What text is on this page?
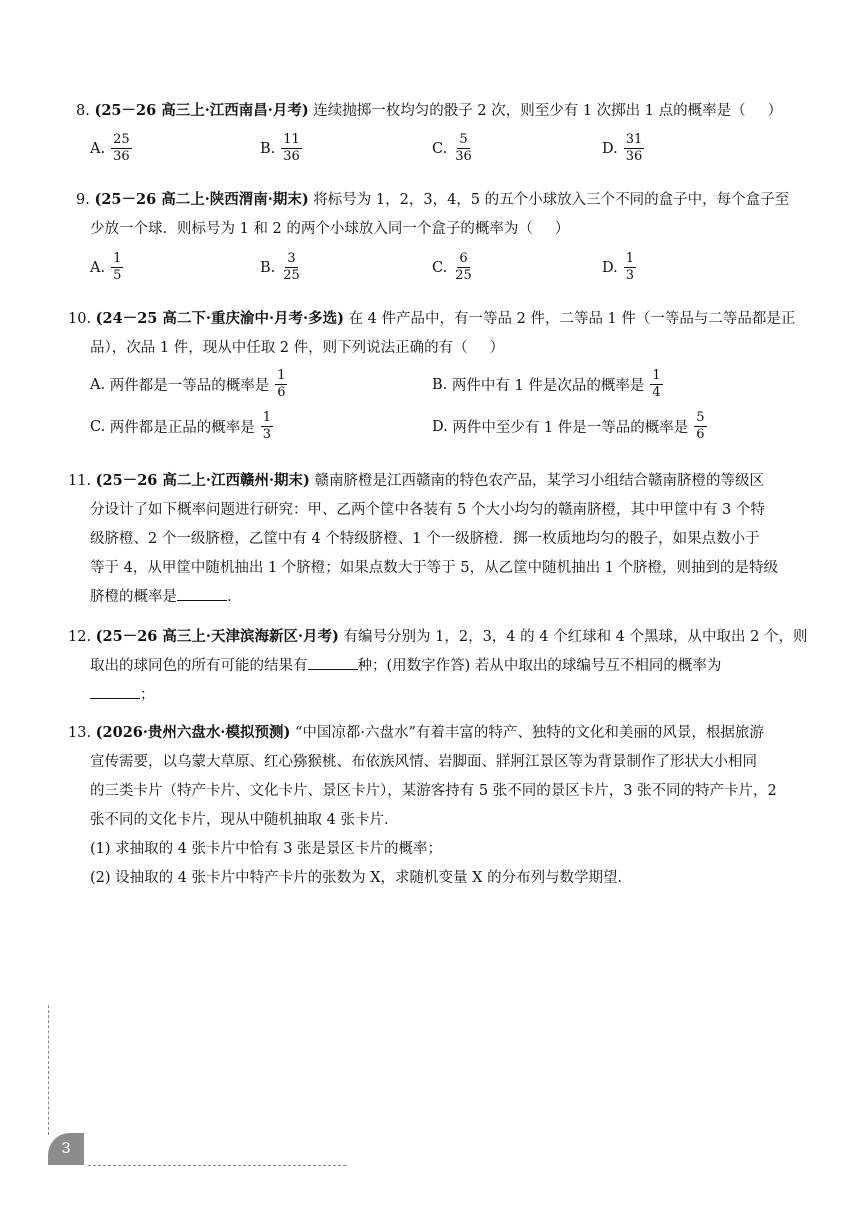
8. (25－26 高三上·江西南昌·月考) 连续抛掷一枚均匀的骰子 2 次，则至少有 1 次掷出 1 点的概率是（ ）
A. $\frac{25}{36}$	B. $\frac{11}{36}$	C. $\frac{5}{36}$	D. $\frac{31}{36}$
9. (25－26 高二上·陕西渭南·期末) 将标号为 1，2，3，4，5 的五个小球放入三个不同的盒子中，每个盒子至
少放一个球．则标号为 1 和 2 的两个小球放入同一个盒子的概率为（ ）
A. $\frac{1}{5}$	B. $\frac{3}{25}$	C. $\frac{6}{25}$	D. $\frac{1}{3}$
10. (24－25 高二下·重庆渝中·月考·多选) 在 4 件产品中，有一等品 2 件，二等品 1 件（一等品与二等品都是正
品），次品 1 件，现从中任取 2 件，则下列说法正确的有（ ）
A.
两件都是一等品的概率是 $\frac{1}{6}$	B.
两件中有 1 件是次品的概率是 $\frac{1}{4}$
C.
两件都是正品的概率是 $\frac{1}{3}$	D.
两件中至少有 1 件是一等品的概率是 $\frac{5}{6}$
11. (25－26 高二上·江西赣州·期末) 赣南脐橙是江西赣南的特色农产品，某学习小组结合赣南脐橙的等级区
分设计了如下概率问题进行研究：甲、乙两个筐中各装有 5 个大小均匀的赣南脐橙，其中甲筐中有 3 个特
级脐橙、2 个一级脐橙，乙筐中有 4 个特级脐橙、1 个一级脐橙．掷一枚质地均匀的骰子，如果点数小于
等于 4，从甲筐中随机抽出 1 个脐橙；如果点数大于等于 5，从乙筐中随机抽出 1 个脐橙，则抽到的是特级
脐橙的概率是	．
12. (25－26 高三上·天津滨海新区·月考) 有编号分别为 1，2，3，4 的 4 个红球和 4 个黑球，从中取出 2 个，则
取出的球同色的所有可能的结果有	种；(用数字作答) 若从中取出的球编号互不相同的概率为
；
13. (2026·贵州六盘水·模拟预测) “中国凉都·六盘水”有着丰富的特产、独特的文化和美丽的风景，根据旅游
宣传需要，以乌蒙大草原、红心猕猴桃、布依族风情、岩脚面、牂牁江景区等为背景制作了形状大小相同
的三类卡片（特产卡片、文化卡片、景区卡片），某游客持有 5 张不同的景区卡片，3 张不同的特产卡片，2
张不同的文化卡片，现从中随机抽取 4 张卡片．
(1) 求抽取的 4 张卡片中恰有 3 张是景区卡片的概率；
(2) 设抽取的 4 张卡片中特产卡片的张数为 X，求随机变量 X 的分布列与数学期望．
3
